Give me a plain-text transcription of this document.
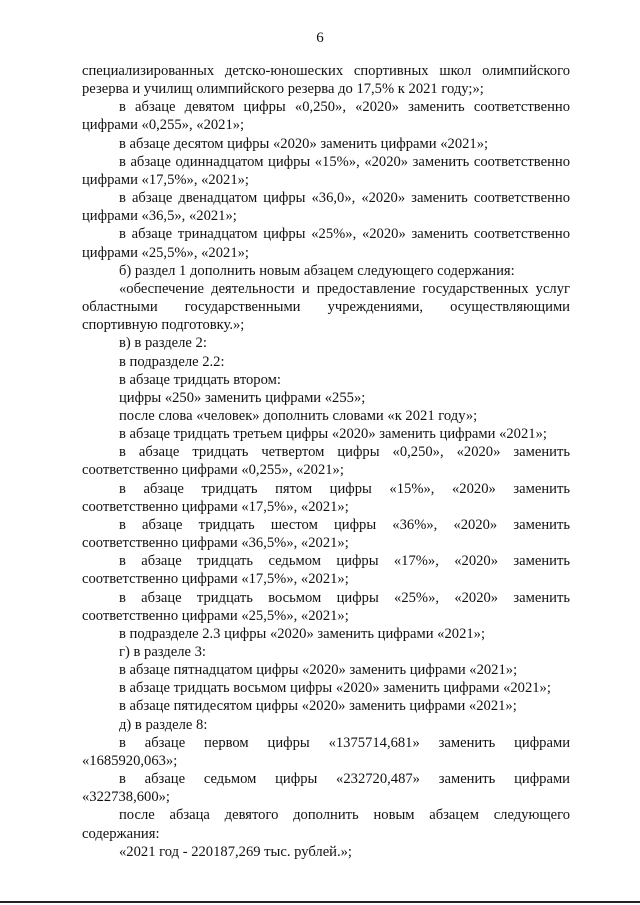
6

специализированных детско-юношеских спортивных школ олимпийского резерва и училищ олимпийского резерва до 17,5% к 2021 году;»;

в абзаце девятом цифры «0,250», «2020» заменить соответственно цифрами «0,255», «2021»;

в абзаце десятом цифры «2020» заменить цифрами «2021»;

в абзаце одиннадцатом цифры «15%», «2020» заменить соответственно цифрами «17,5%», «2021»;

в абзаце двенадцатом цифры «36,0», «2020» заменить соответственно цифрами «36,5», «2021»;

в абзаце тринадцатом цифры «25%», «2020» заменить соответственно цифрами «25,5%», «2021»;

б) раздел 1 дополнить новым абзацем следующего содержания:

«обеспечение деятельности и предоставление государственных услуг областными государственными учреждениями, осуществляющими спортивную подготовку.»;

в) в разделе 2:

в подразделе 2.2:

в абзаце тридцать втором:

цифры «250» заменить цифрами «255»;

после слова «человек» дополнить словами «к 2021 году»;

в абзаце тридцать третьем цифры «2020» заменить цифрами «2021»;

в абзаце тридцать четвертом цифры «0,250», «2020» заменить соответственно цифрами «0,255», «2021»;

в абзаце тридцать пятом цифры «15%», «2020» заменить соответственно цифрами «17,5%», «2021»;

в абзаце тридцать шестом цифры «36%», «2020» заменить соответственно цифрами «36,5%», «2021»;

в абзаце тридцать седьмом цифры «17%», «2020» заменить соответственно цифрами «17,5%», «2021»;

в абзаце тридцать восьмом цифры «25%», «2020» заменить соответственно цифрами «25,5%», «2021»;

в подразделе 2.3 цифры «2020» заменить цифрами «2021»;

г) в разделе 3:

в абзаце пятнадцатом цифры «2020» заменить цифрами «2021»;

в абзаце тридцать восьмом цифры «2020» заменить цифрами «2021»;

в абзаце пятидесятом цифры «2020» заменить цифрами «2021»;

д) в разделе 8:

в абзаце первом цифры «1375714,681» заменить цифрами «1685920,063»;

в абзаце седьмом цифры «232720,487» заменить цифрами «322738,600»;

после абзаца девятого дополнить новым абзацем следующего содержания:

«2021 год - 220187,269 тыс. рублей.»;
